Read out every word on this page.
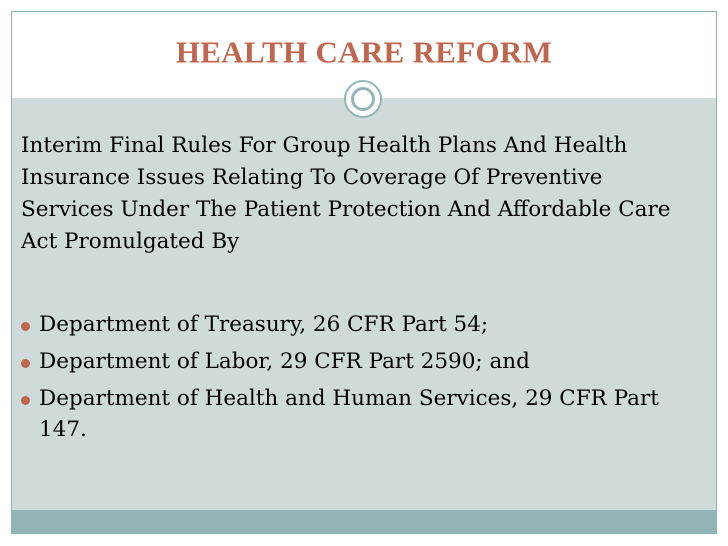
HEALTH CARE REFORM

Interim Final Rules For Group Health Plans And Health Insurance Issues Relating To Coverage Of Preventive Services Under The Patient Protection And Affordable Care Act Promulgated By

Department of Treasury, 26 CFR Part 54;
Department of Labor, 29 CFR Part 2590; and
Department of Health and Human Services, 29 CFR Part 147.
